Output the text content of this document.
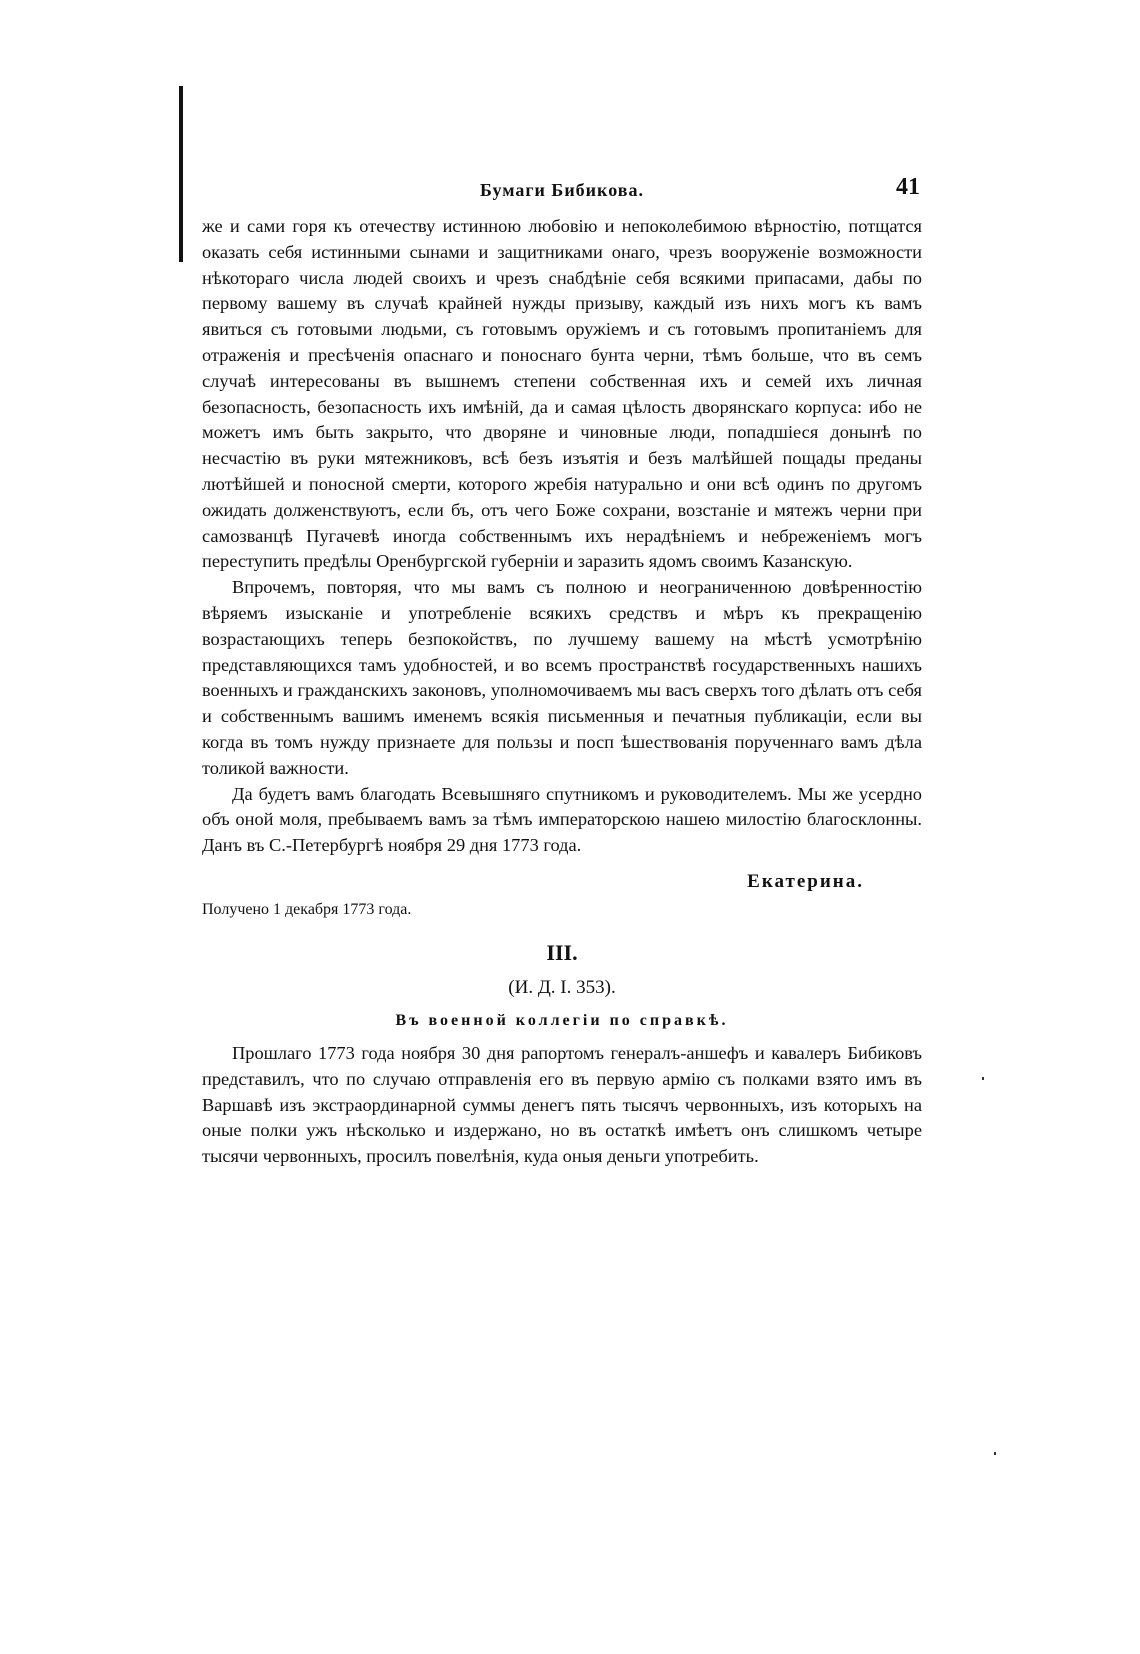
Бумаги Бибикова.	41

же и сами горя къ отечеству истинною любовію и непоколебимою вѣрностію, потщатся оказать себя истинными сынами и защитниками онаго, чрезъ вооруженіе возможности нѣкотораго числа людей своихъ и чрезъ снабдѣніе себя всякими припасами, дабы по первому вашему въ случаѣ крайней нужды призыву, каждый изъ нихъ могъ къ вамъ явиться съ готовыми людьми, съ готовымъ оружіемъ и съ готовымъ пропитаніемъ для отраженія и пресѣченія опаснаго и поноснаго бунта черни, тѣмъ больше, что въ семъ случаѣ интересованы въ вышнемъ степени собственная ихъ и семей ихъ личная безопасность, безопасность ихъ имѣній, да и самая цѣлость дворянскаго корпуса: ибо не можетъ имъ быть закрыто, что дворяне и чиновные люди, попадшіеся донынѣ по несчастію въ руки мятежниковъ, всѣ безъ изъятія и безъ малѣйшей пощады преданы лютѣйшей и поносной смерти, которого жребія натурально и они всѣ одинъ по другомъ ожидать долженствуютъ, если бъ, отъ чего Боже сохрани, возстаніе и мятежъ черни при самозванцѣ Пугачевѣ иногда собственнымъ ихъ нерадѣніемъ и небреженіемъ могъ переступить предѣлы Оренбургской губерніи и заразить ядомъ своимъ Казанскую.

Впрочемъ, повторяя, что мы вамъ съ полною и неограниченною довѣренностію вѣряемъ изысканіе и употребленіе всякихъ средствъ и мѣръ къ прекращенію возрастающихъ теперь безпокойствъ, по лучшему вашему на мѣстѣ усмотрѣнію представляющихся тамъ удобностей, и во всемъ пространствѣ государственныхъ нашихъ военныхъ и гражданскихъ законовъ, уполномочиваемъ мы васъ сверхъ того дѣлать отъ себя и собственнымъ вашимъ именемъ всякія письменныя и печатныя публикаціи, если вы когда въ томъ нужду признаете для пользы и посп ѣшествованія порученнаго вамъ дѣла толикой важности.

Да будетъ вамъ благодать Всевышняго спутникомъ и руководителемъ. Мы же усердно объ оной моля, пребываемъ вамъ за тѣмъ императорскою нашею милостію благосклонны. Данъ въ С.-Петербургѣ ноября 29 дня 1773 года.

Екатерина.
Получено 1 декабря 1773 года.
III.
(И. Д. I. 353).
Въ военной коллегіи по справкѣ.

Прошлаго 1773 года ноября 30 дня рапортомъ генералъ-аншефъ и кавалеръ Бибиковъ представилъ, что по случаю отправленія его въ первую армію съ полками взято имъ въ Варшавѣ изъ экстраординарной суммы денегъ пять тысячъ червонныхъ, изъ которыхъ на оные полки ужъ нѣсколько и издержано, но въ остаткѣ имѣетъ онъ слишкомъ четыре тысячи червонныхъ, просилъ повелѣнія, куда оныя деньги употребить.
